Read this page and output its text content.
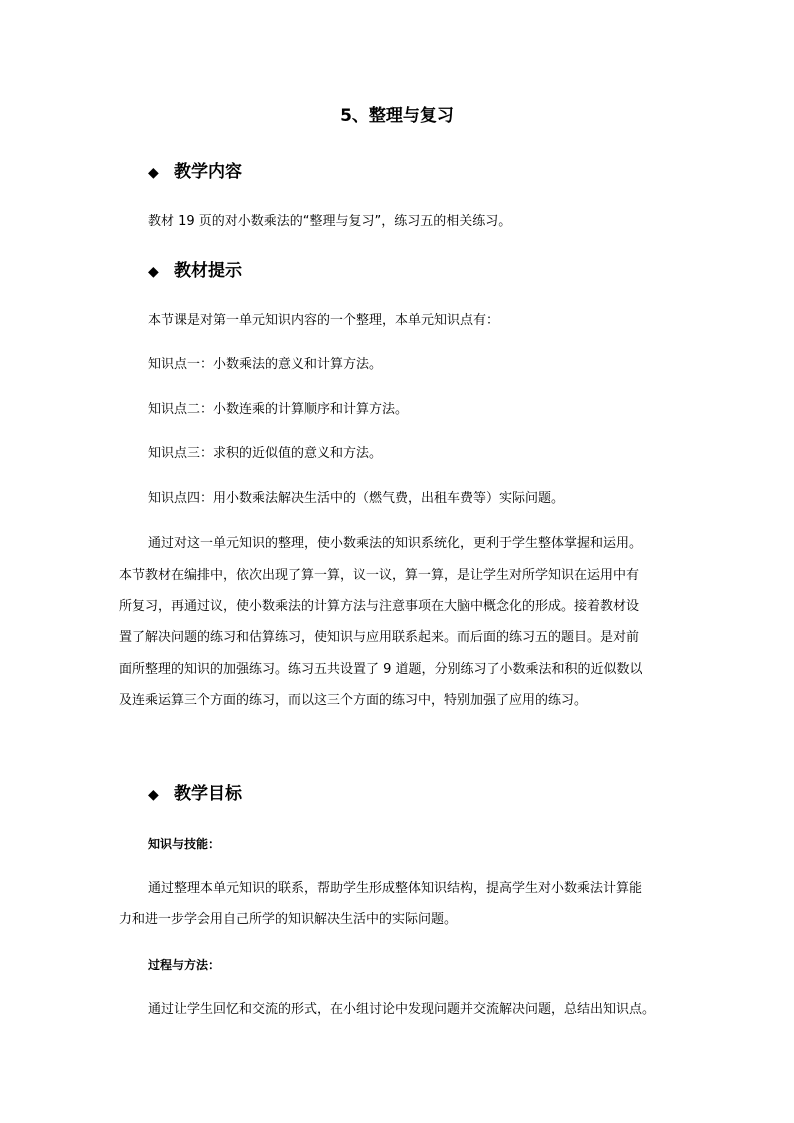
5、整理与复习
◆ 教学内容

教材 19 页的对小数乘法的“整理与复习”，练习五的相关练习。

◆ 教材提示

本节课是对第一单元知识内容的一个整理，本单元知识点有：

知识点一：小数乘法的意义和计算方法。

知识点二：小数连乘的计算顺序和计算方法。

知识点三：求积的近似值的意义和方法。

知识点四：用小数乘法解决生活中的（燃气费，出租车费等）实际问题。

通过对这一单元知识的整理，使小数乘法的知识系统化，更利于学生整体掌握和运用。

本节教材在编排中，依次出现了算一算，议一议，算一算，是让学生对所学知识在运用中有

所复习，再通过议，使小数乘法的计算方法与注意事项在大脑中概念化的形成。接着教材设

置了解决问题的练习和估算练习，使知识与应用联系起来。而后面的练习五的题目。是对前

面所整理的知识的加强练习。练习五共设置了 9 道题，分别练习了小数乘法和积的近似数以

及连乘运算三个方面的练习，而以这三个方面的练习中，特别加强了应用的练习。

◆ 教学目标

知识与技能：

通过整理本单元知识的联系，帮助学生形成整体知识结构，提高学生对小数乘法计算能

力和进一步学会用自己所学的知识解决生活中的实际问题。

过程与方法：

通过让学生回忆和交流的形式，在小组讨论中发现问题并交流解决问题，总结出知识点。
